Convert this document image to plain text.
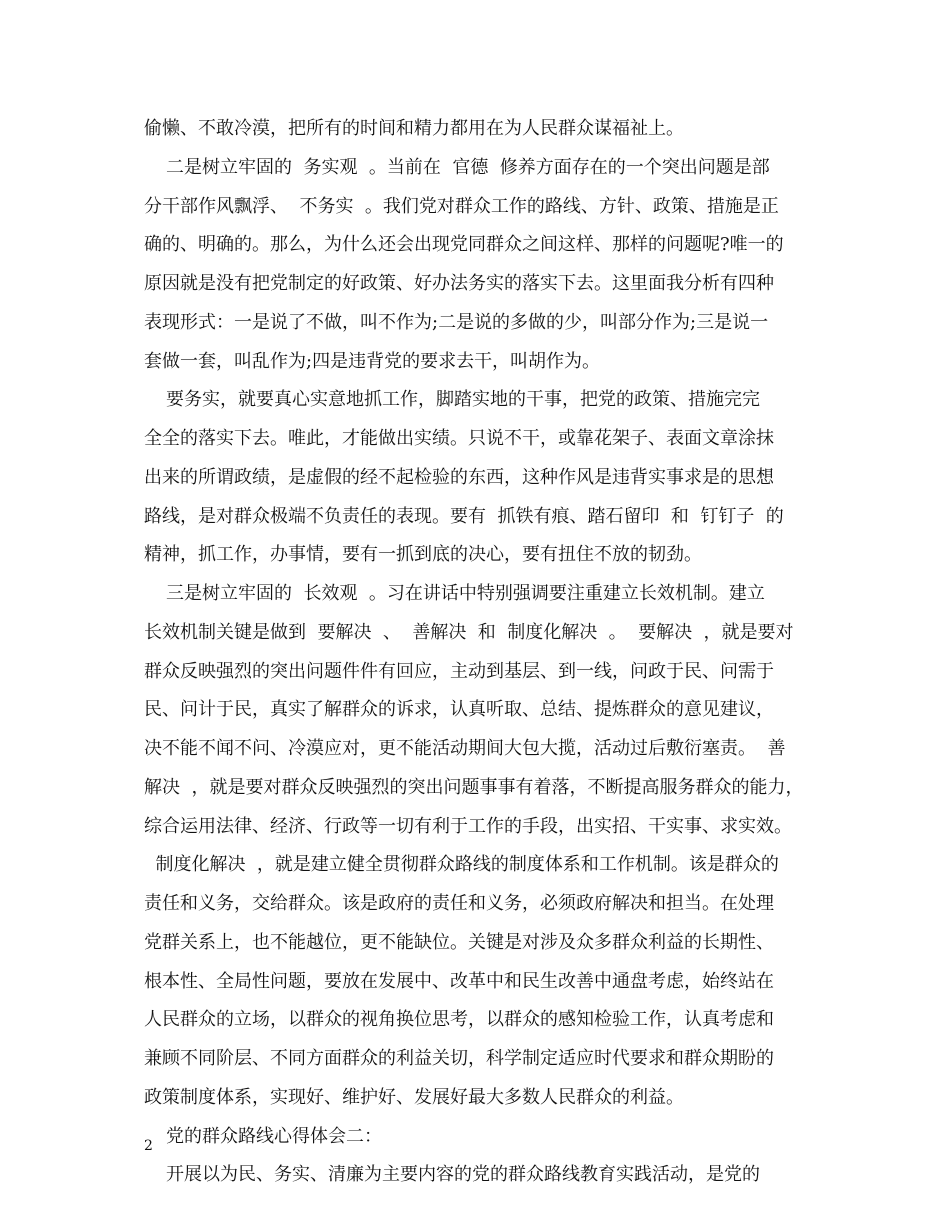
偷懒、不敢冷漠，把所有的时间和精力都用在为人民群众谋福祉上。
二是树立牢固的  务实观  。当前在  官德  修养方面存在的一个突出问题是部
分干部作风飘浮、  不务实  。我们党对群众工作的路线、方针、政策、措施是正
确的、明确的。那么，为什么还会出现党同群众之间这样、那样的问题呢?唯一的
原因就是没有把党制定的好政策、好办法务实的落实下去。这里面我分析有四种
表现形式：一是说了不做，叫不作为;二是说的多做的少，叫部分作为;三是说一
套做一套，叫乱作为;四是违背党的要求去干，叫胡作为。
要务实，就要真心实意地抓工作，脚踏实地的干事，把党的政策、措施完完
全全的落实下去。唯此，才能做出实绩。只说不干，或靠花架子、表面文章涂抹
出来的所谓政绩，是虚假的经不起检验的东西，这种作风是违背实事求是的思想
路线，是对群众极端不负责任的表现。要有  抓铁有痕、踏石留印  和  钉钉子  的
精神，抓工作，办事情，要有一抓到底的决心，要有扭住不放的韧劲。
三是树立牢固的  长效观  。习在讲话中特别强调要注重建立长效机制。建立
长效机制关键是做到  要解决  、  善解决  和  制度化解决  。  要解决  ，就是要对
群众反映强烈的突出问题件件有回应，主动到基层、到一线，问政于民、问需于
民、问计于民，真实了解群众的诉求，认真听取、总结、提炼群众的意见建议，
决不能不闻不问、冷漠应对，更不能活动期间大包大揽，活动过后敷衍塞责。  善
解决  ，就是要对群众反映强烈的突出问题事事有着落，不断提高服务群众的能力，
综合运用法律、经济、行政等一切有利于工作的手段，出实招、干实事、求实效。
制度化解决  ，就是建立健全贯彻群众路线的制度体系和工作机制。该是群众的
责任和义务，交给群众。该是政府的责任和义务，必须政府解决和担当。在处理
党群关系上，也不能越位，更不能缺位。关键是对涉及众多群众利益的长期性、
根本性、全局性问题，要放在发展中、改革中和民生改善中通盘考虑，始终站在
人民群众的立场，以群众的视角换位思考，以群众的感知检验工作，认真考虑和
兼顾不同阶层、不同方面群众的利益关切，科学制定适应时代要求和群众期盼的
政策制度体系，实现好、维护好、发展好最大多数人民群众的利益。
党的群众路线心得体会二：
开展以为民、务实、清廉为主要内容的党的群众路线教育实践活动，是党的
2
